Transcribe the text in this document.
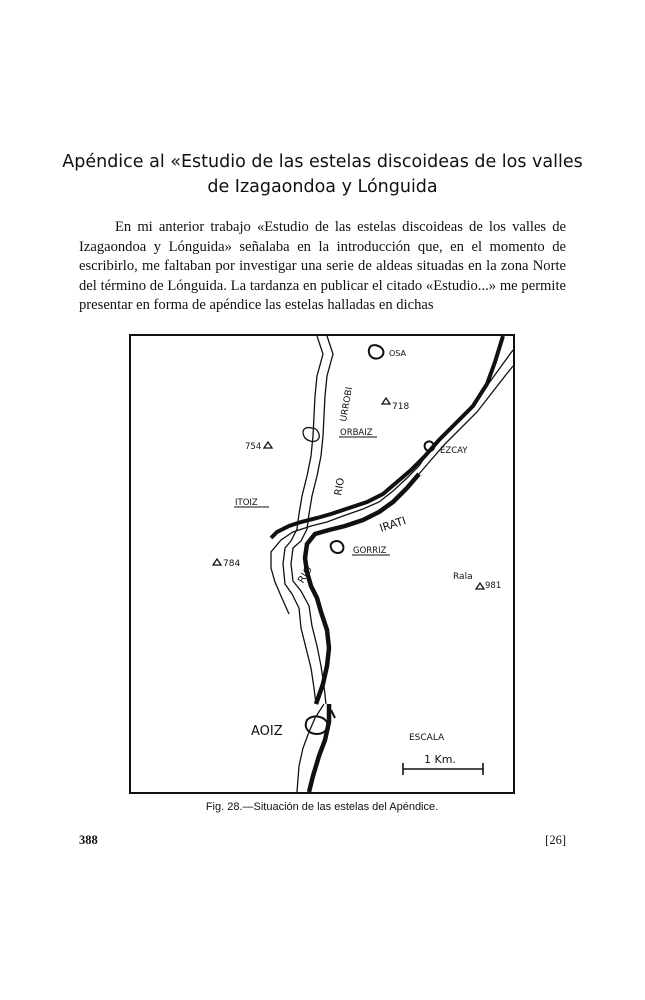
Apéndice al «Estudio de las estelas discoideas de los valles
de Izagaondoa y Lónguida

En mi anterior trabajo «Estudio de las estelas discoideas de los valles de Izagaondoa y Lónguida» señalaba en la introducción que, en el momento de escribirlo, me faltaban por investigar una serie de aldeas situadas en la zona Norte del término de Lónguida. La tardanza en publicar el citado «Estudio...» me permite presentar en forma de apéndice las estelas halladas en dichas

OSA
URROBI	718
754
ORBAIZ
EZCAY
RIO
ITOIZ
IRATI
GORRIZ
RIO
784
Rala
981
AOIZ	ESCALA
1 Km.
Fig. 28.—Situación de las estelas del Apéndice.
388	[26]
